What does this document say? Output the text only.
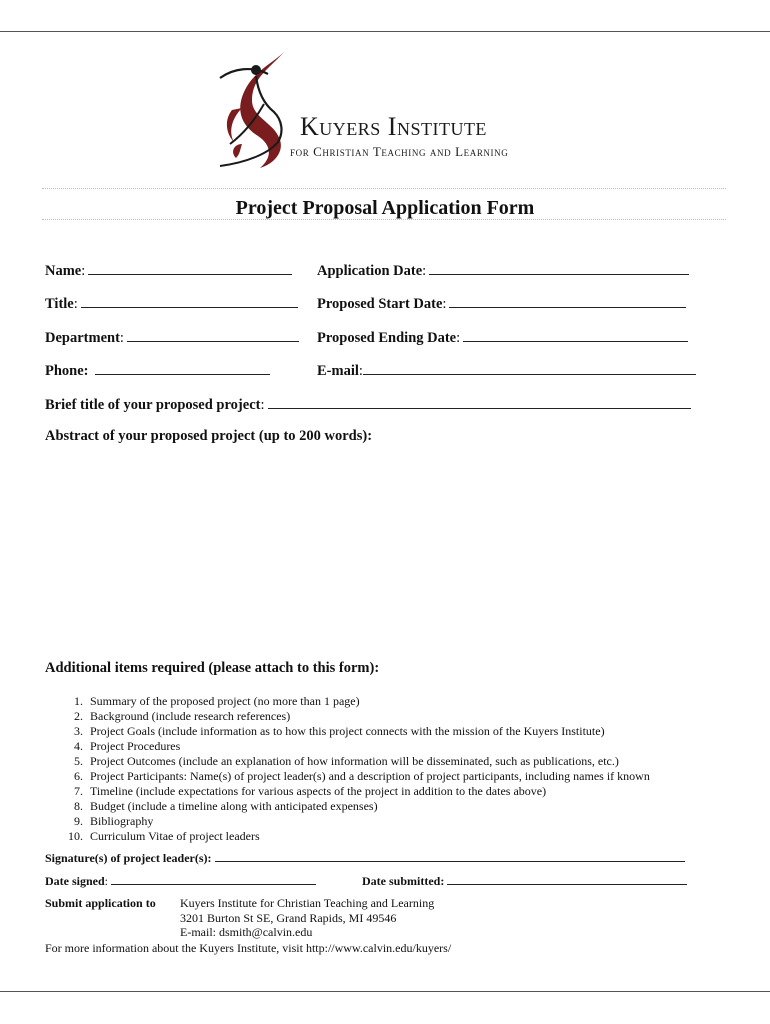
Kuyers Institute
for Christian Teaching and Learning
Project Proposal Application Form
Name:	Application Date:
Title:	Proposed Start Date:
Department:	Proposed Ending Date:
Phone:	E-mail:
Brief title of your proposed project:
Abstract of your proposed project (up to 200 words):
Additional items required (please attach to this form):
1. Summary of the proposed project (no more than 1 page)
2. Background (include research references)
3. Project Goals (include information as to how this project connects with the mission of the Kuyers Institute)
4. Project Procedures
5. Project Outcomes (include an explanation of how information will be disseminated, such as publications, etc.)
6. Project Participants: Name(s) of project leader(s) and a description of project participants, including names if known
7. Timeline (include expectations for various aspects of the project in addition to the dates above)
8. Budget (include a timeline along with anticipated expenses)
9. Bibliography
10. Curriculum Vitae of project leaders
Signature(s) of project leader(s):
Date signed:	Date submitted:
Submit application to Kuyers Institute for Christian Teaching and Learning
3201 Burton St SE, Grand Rapids, MI 49546
E-mail: dsmith@calvin.edu
For more information about the Kuyers Institute, visit http://www.calvin.edu/kuyers/
